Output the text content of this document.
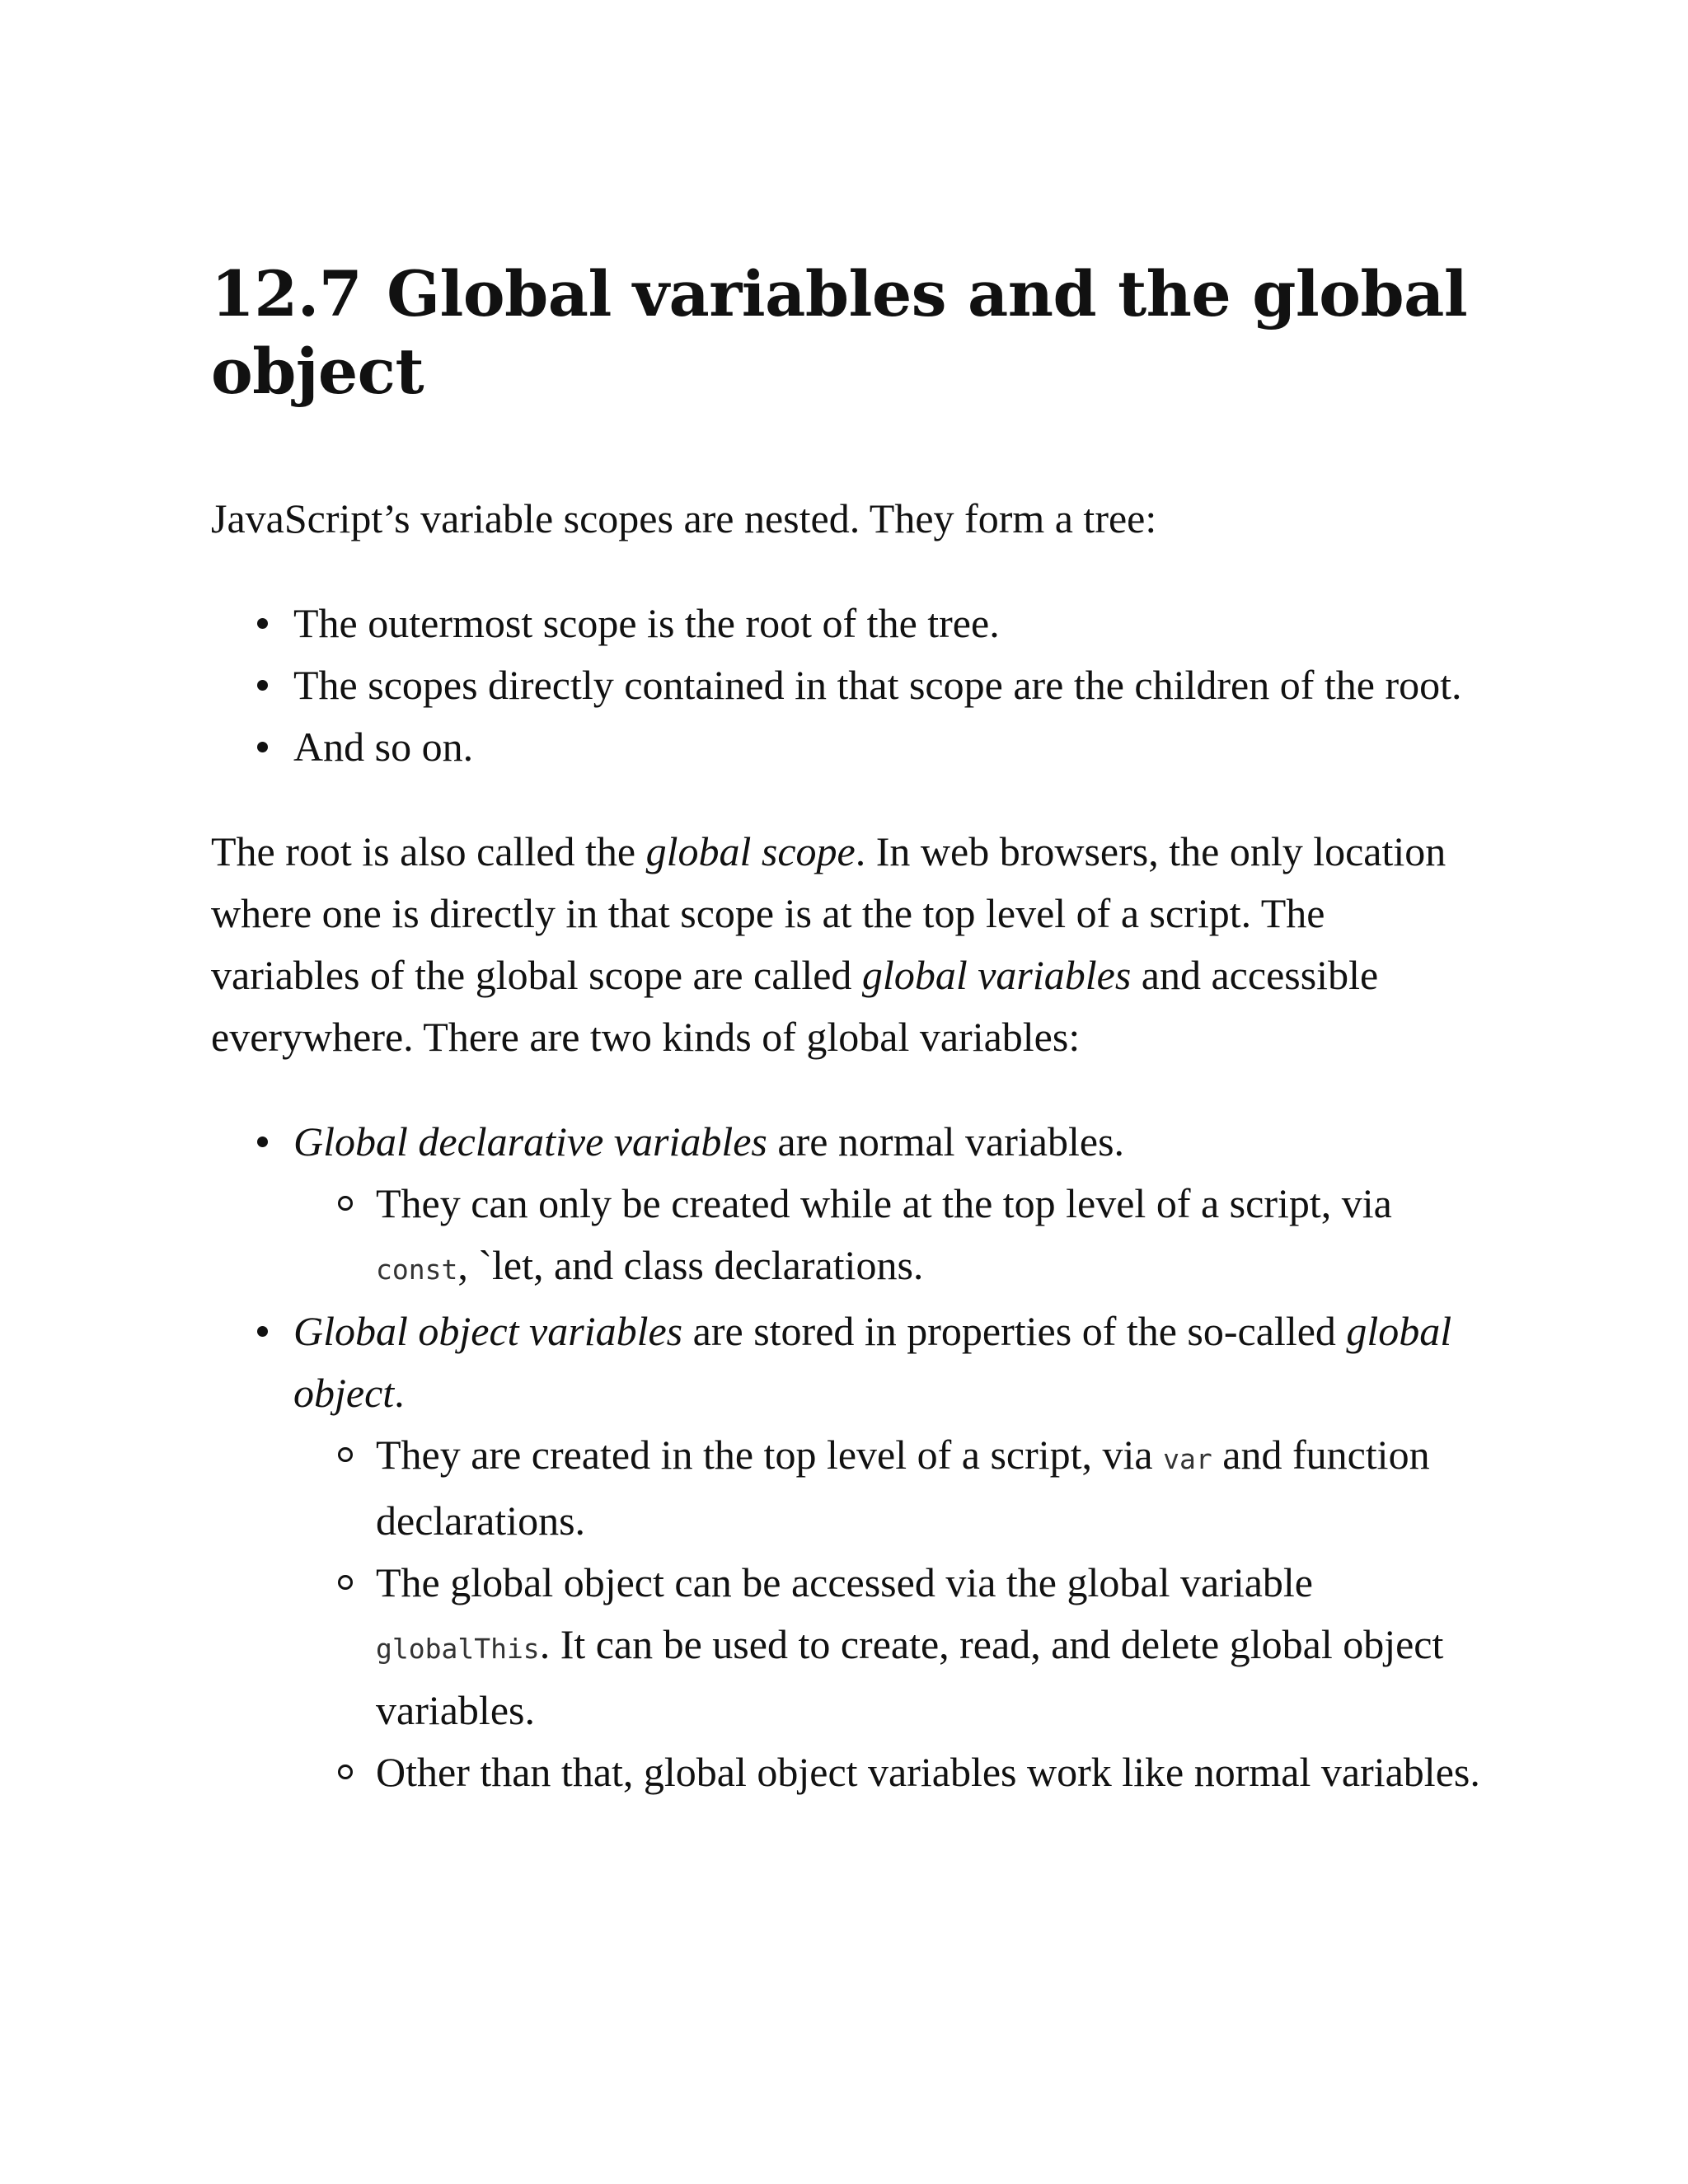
12.7 Global variables and the global object

JavaScript’s variable scopes are nested. They form a tree:

The outermost scope is the root of the tree.
The scopes directly contained in that scope are the children of the root.
And so on.

The root is also called the global scope. In web browsers, the only location where one is directly in that scope is at the top level of a script. The variables of the global scope are called global variables and accessible everywhere. There are two kinds of global variables:

Global declarative variables are normal variables.
They can only be created while at the top level of a script, via const, `let, and class declarations.
Global object variables are stored in properties of the so-called global object.
They are created in the top level of a script, via var and function declarations.
The global object can be accessed via the global variable globalThis. It can be used to create, read, and delete global object variables.
Other than that, global object variables work like normal variables.
